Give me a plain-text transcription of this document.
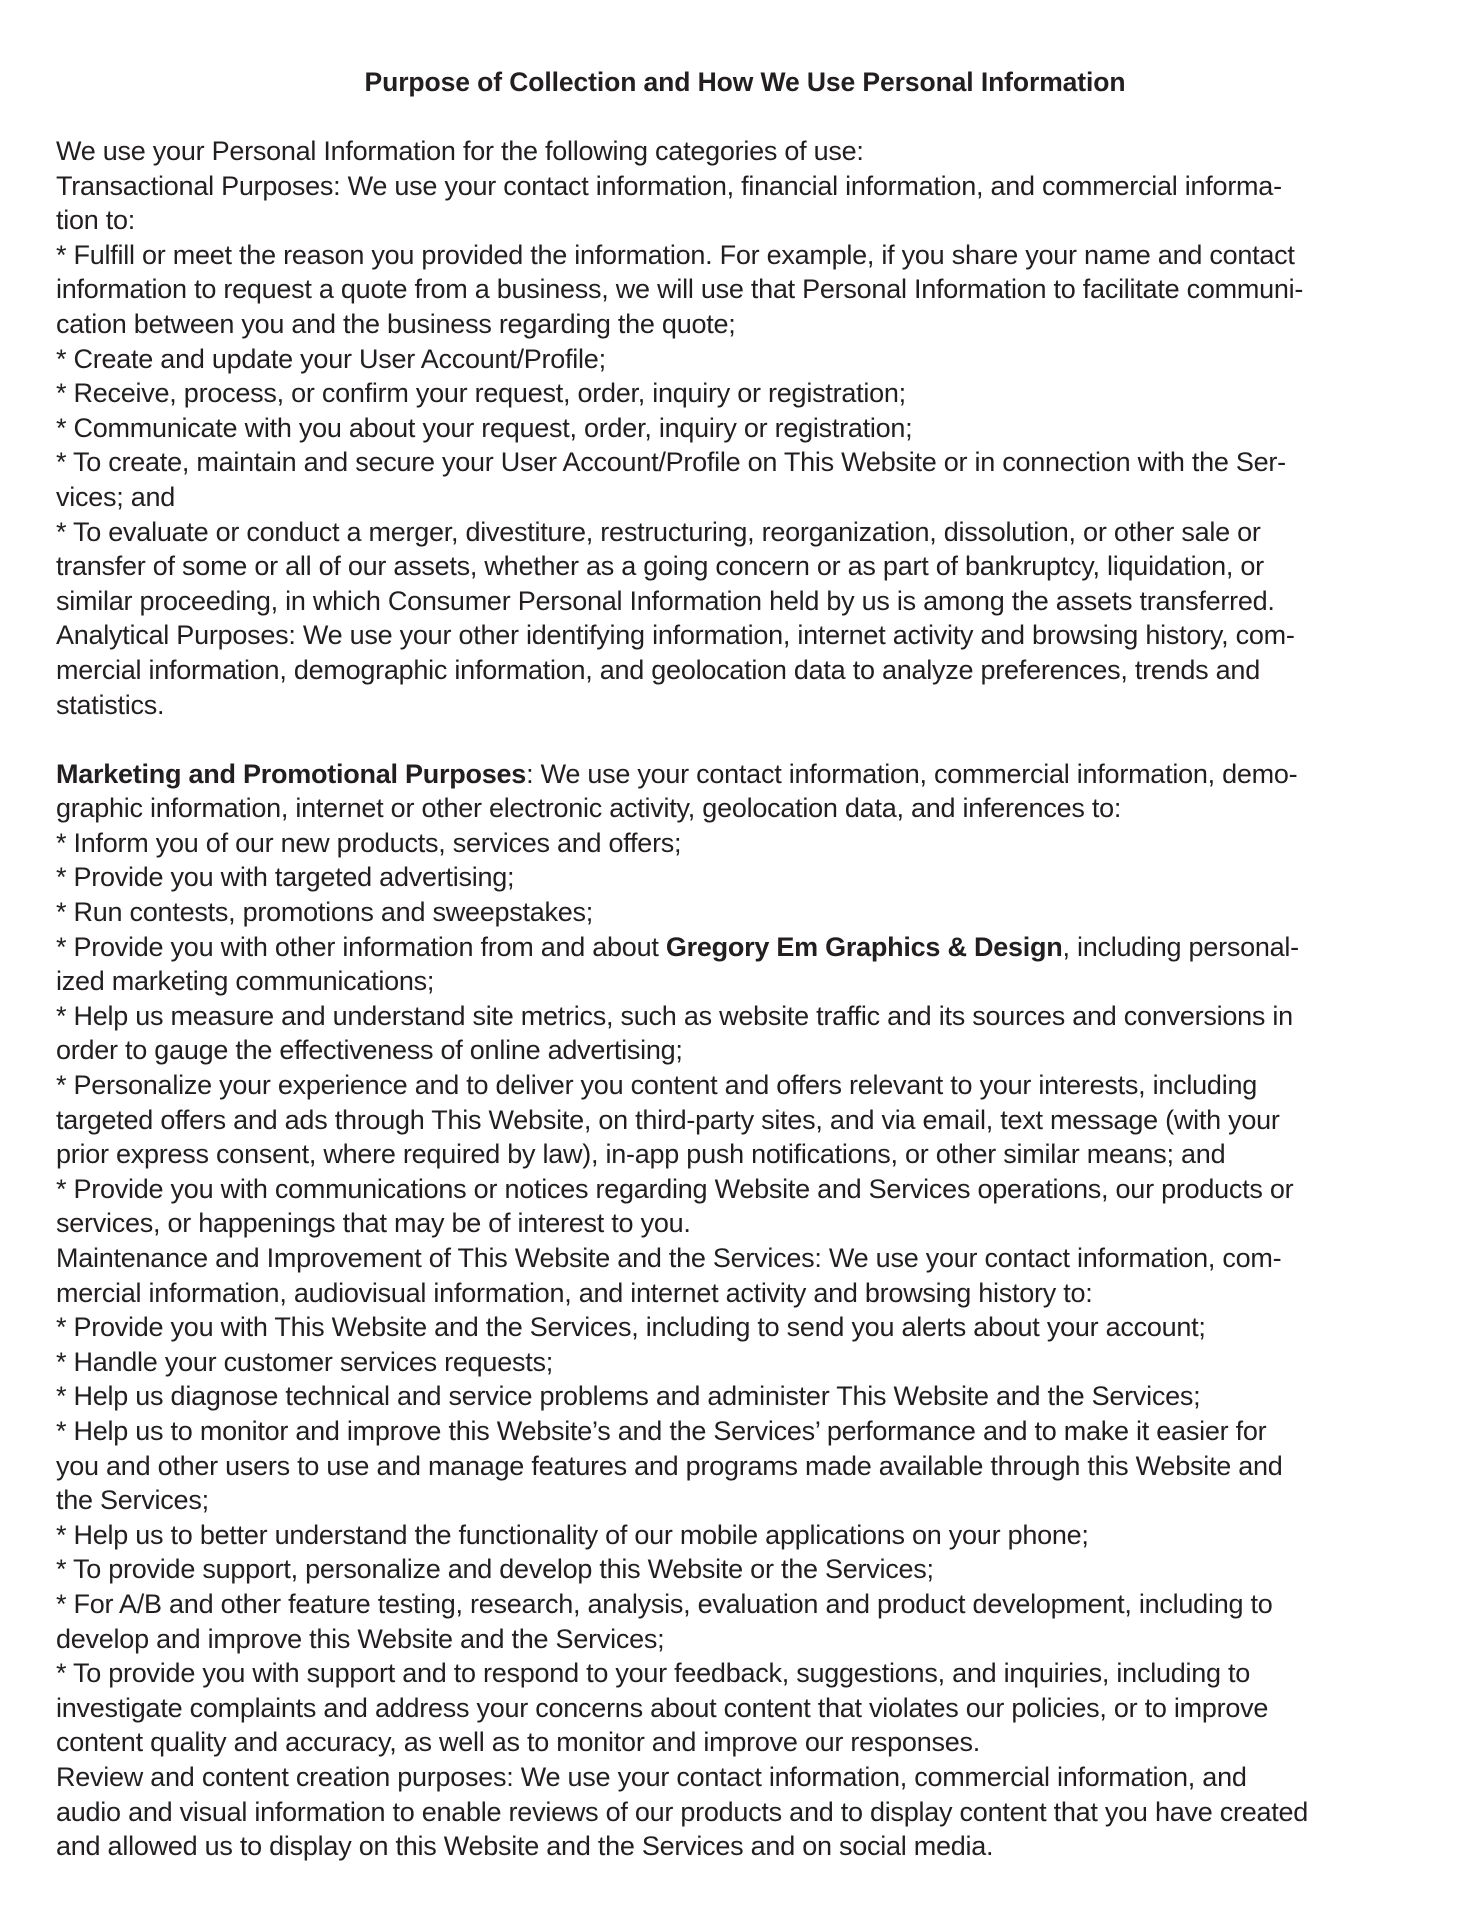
Purpose of Collection and How We Use Personal Information
We use your Personal Information for the following categories of use:
Transactional Purposes: We use your contact information, financial information, and commercial informa-
tion to:
* Fulfill or meet the reason you provided the information. For example, if you share your name and contact
information to request a quote from a business, we will use that Personal Information to facilitate communi-
cation between you and the business regarding the quote;
* Create and update your User Account/Profile;
* Receive, process, or confirm your request, order, inquiry or registration;
* Communicate with you about your request, order, inquiry or registration;
* To create, maintain and secure your User Account/Profile on This Website or in connection with the Ser-
vices; and
* To evaluate or conduct a merger, divestiture, restructuring, reorganization, dissolution, or other sale or
transfer of some or all of our assets, whether as a going concern or as part of bankruptcy, liquidation, or
similar proceeding, in which Consumer Personal Information held by us is among the assets transferred.
Analytical Purposes: We use your other identifying information, internet activity and browsing history, com-
mercial information, demographic information, and geolocation data to analyze preferences, trends and
statistics.
Marketing and Promotional Purposes: We use your contact information, commercial information, demo-
graphic information, internet or other electronic activity, geolocation data, and inferences to:
* Inform you of our new products, services and offers;
* Provide you with targeted advertising;
* Run contests, promotions and sweepstakes;
* Provide you with other information from and about Gregory Em Graphics & Design, including personal-
ized marketing communications;
* Help us measure and understand site metrics, such as website traffic and its sources and conversions in
order to gauge the effectiveness of online advertising;
* Personalize your experience and to deliver you content and offers relevant to your interests, including
targeted offers and ads through This Website, on third-party sites, and via email, text message (with your
prior express consent, where required by law), in-app push notifications, or other similar means; and
* Provide you with communications or notices regarding Website and Services operations, our products or
services, or happenings that may be of interest to you.
Maintenance and Improvement of This Website and the Services: We use your contact information, com-
mercial information, audiovisual information, and internet activity and browsing history to:
* Provide you with This Website and the Services, including to send you alerts about your account;
* Handle your customer services requests;
* Help us diagnose technical and service problems and administer This Website and the Services;
* Help us to monitor and improve this Website’s and the Services’ performance and to make it easier for
you and other users to use and manage features and programs made available through this Website and
the Services;
* Help us to better understand the functionality of our mobile applications on your phone;
* To provide support, personalize and develop this Website or the Services;
* For A/B and other feature testing, research, analysis, evaluation and product development, including to
develop and improve this Website and the Services;
* To provide you with support and to respond to your feedback, suggestions, and inquiries, including to
investigate complaints and address your concerns about content that violates our policies, or to improve
content quality and accuracy, as well as to monitor and improve our responses.
Review and content creation purposes: We use your contact information, commercial information, and
audio and visual information to enable reviews of our products and to display content that you have created
and allowed us to display on this Website and the Services and on social media.
